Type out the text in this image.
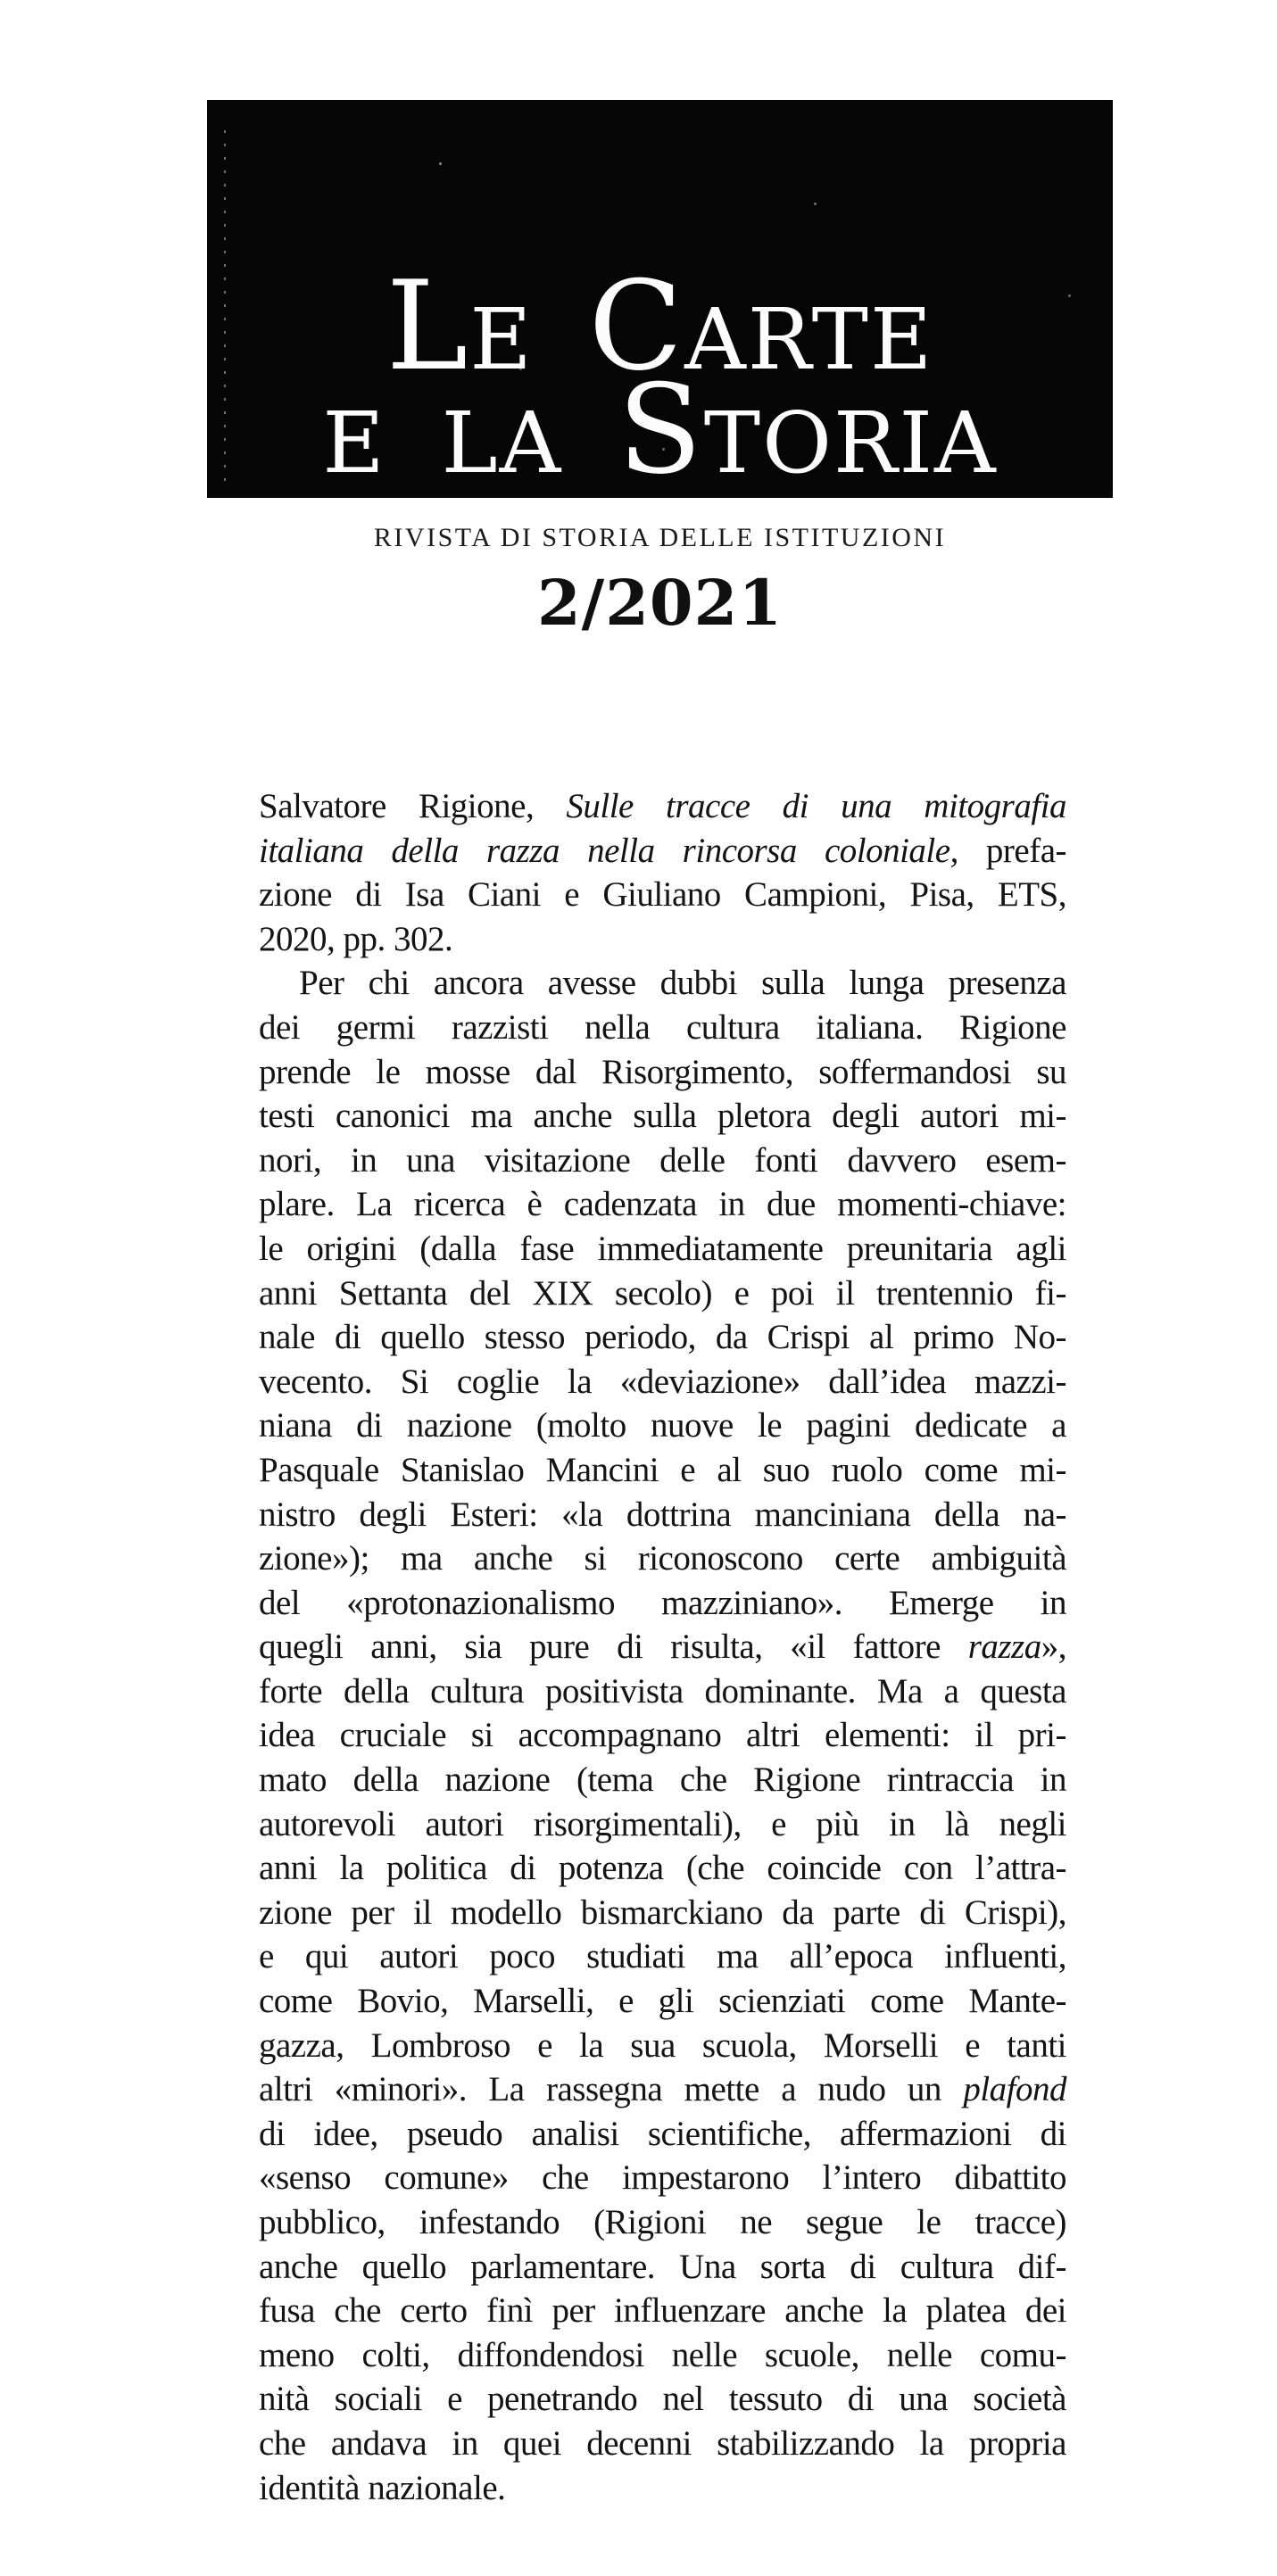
LE CARTE
E LA STORIA
RIVISTA DI STORIA DELLE ISTITUZIONI
2/2021
Salvatore Rigione, Sulle tracce di una mitografia
italiana della razza nella rincorsa coloniale, prefa-
zione di Isa Ciani e Giuliano Campioni, Pisa, ETS,
2020, pp. 302.
Per chi ancora avesse dubbi sulla lunga presenza
dei germi razzisti nella cultura italiana. Rigione
prende le mosse dal Risorgimento, soffermandosi su
testi canonici ma anche sulla pletora degli autori mi-
nori, in una visitazione delle fonti davvero esem-
plare. La ricerca è cadenzata in due momenti-chiave:
le origini (dalla fase immediatamente preunitaria agli
anni Settanta del XIX secolo) e poi il trentennio fi-
nale di quello stesso periodo, da Crispi al primo No-
vecento. Si coglie la «deviazione» dall’idea mazzi-
niana di nazione (molto nuove le pagini dedicate a
Pasquale Stanislao Mancini e al suo ruolo come mi-
nistro degli Esteri: «la dottrina manciniana della na-
zione»); ma anche si riconoscono certe ambiguità
del «protonazionalismo mazziniano». Emerge in
quegli anni, sia pure di risulta, «il fattore razza»,
forte della cultura positivista dominante. Ma a questa
idea cruciale si accompagnano altri elementi: il pri-
mato della nazione (tema che Rigione rintraccia in
autorevoli autori risorgimentali), e più in là negli
anni la politica di potenza (che coincide con l’attra-
zione per il modello bismarckiano da parte di Crispi),
e qui autori poco studiati ma all’epoca influenti,
come Bovio, Marselli, e gli scienziati come Mante-
gazza, Lombroso e la sua scuola, Morselli e tanti
altri «minori». La rassegna mette a nudo un plafond
di idee, pseudo analisi scientifiche, affermazioni di
«senso comune» che impestarono l’intero dibattito
pubblico, infestando (Rigioni ne segue le tracce)
anche quello parlamentare. Una sorta di cultura dif-
fusa che certo finì per influenzare anche la platea dei
meno colti, diffondendosi nelle scuole, nelle comu-
nità sociali e penetrando nel tessuto di una società
che andava in quei decenni stabilizzando la propria
identità nazionale.
